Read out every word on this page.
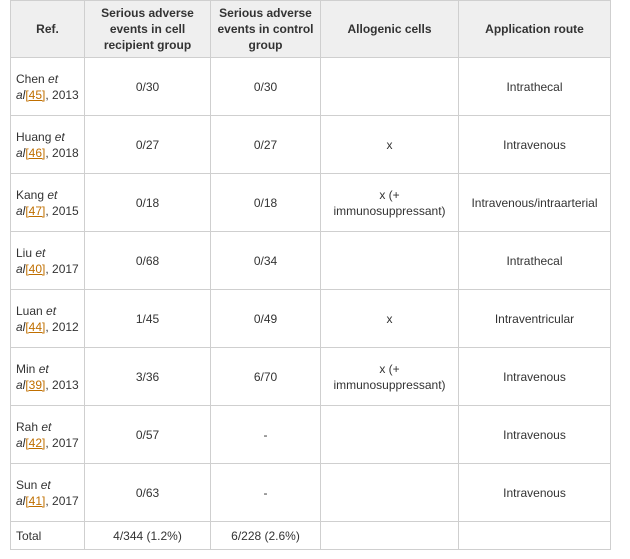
Ref.	Serious adverse events in cell recipient group	Serious adverse events in control group	Allogenic cells	Application route
Chen et al[45], 2013	0/30	0/30		Intrathecal
Huang et al[46], 2018	0/27	0/27	x	Intravenous
Kang et al[47], 2015	0/18	0/18	x (+ immunosuppressant)	Intravenous/intraarterial
Liu et al[40], 2017	0/68	0/34		Intrathecal
Luan et al[44], 2012	1/45	0/49	x	Intraventricular
Min et al[39], 2013	3/36	6/70	x (+ immunosuppressant)	Intravenous
Rah et al[42], 2017	0/57	-		Intravenous
Sun et al[41], 2017	0/63	-		Intravenous
Total	4/344 (1.2%)	6/228 (2.6%)		
